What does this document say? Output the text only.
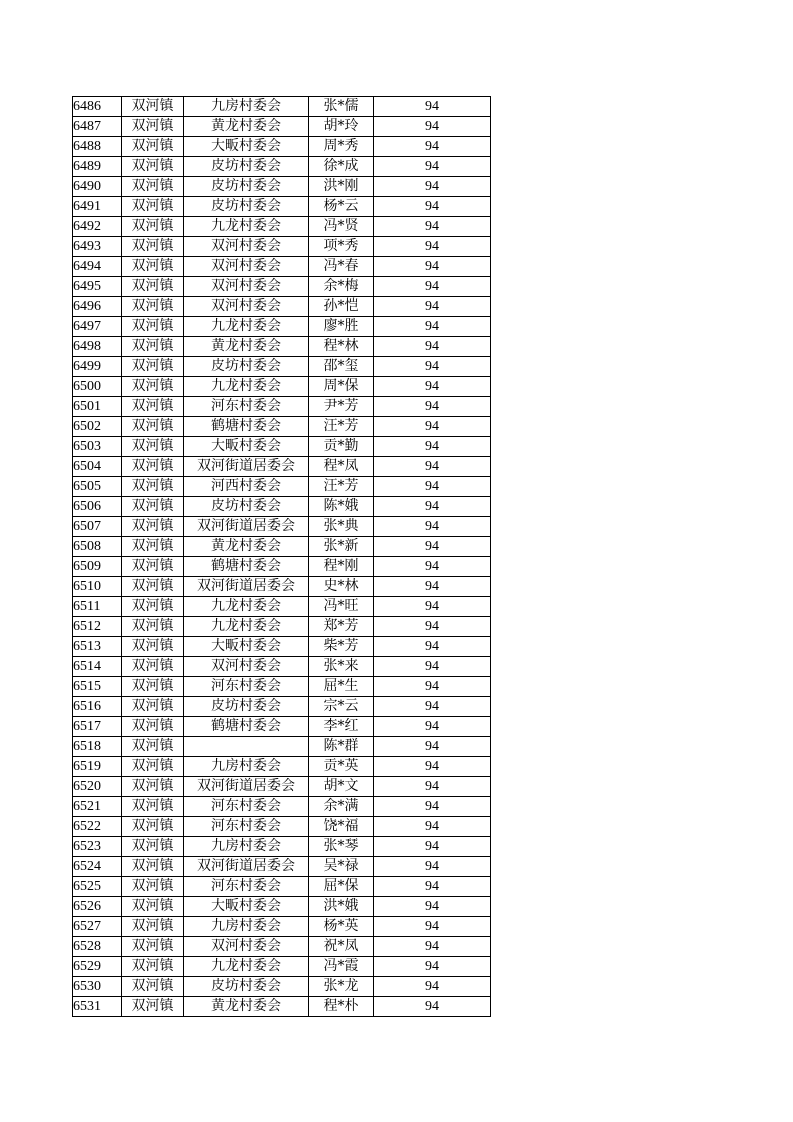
6486	双河镇	九房村委会	张*儒	94
6487	双河镇	黄龙村委会	胡*玲	94
6488	双河镇	大畈村委会	周*秀	94
6489	双河镇	皮坊村委会	徐*成	94
6490	双河镇	皮坊村委会	洪*刚	94
6491	双河镇	皮坊村委会	杨*云	94
6492	双河镇	九龙村委会	冯*贤	94
6493	双河镇	双河村委会	项*秀	94
6494	双河镇	双河村委会	冯*春	94
6495	双河镇	双河村委会	余*梅	94
6496	双河镇	双河村委会	孙*恺	94
6497	双河镇	九龙村委会	廖*胜	94
6498	双河镇	黄龙村委会	程*林	94
6499	双河镇	皮坊村委会	邵*玺	94
6500	双河镇	九龙村委会	周*保	94
6501	双河镇	河东村委会	尹*芳	94
6502	双河镇	鹤塘村委会	汪*芳	94
6503	双河镇	大畈村委会	贡*勤	94
6504	双河镇	双河街道居委会	程*凤	94
6505	双河镇	河西村委会	汪*芳	94
6506	双河镇	皮坊村委会	陈*娥	94
6507	双河镇	双河街道居委会	张*典	94
6508	双河镇	黄龙村委会	张*新	94
6509	双河镇	鹤塘村委会	程*刚	94
6510	双河镇	双河街道居委会	史*林	94
6511	双河镇	九龙村委会	冯*旺	94
6512	双河镇	九龙村委会	郑*芳	94
6513	双河镇	大畈村委会	柴*芳	94
6514	双河镇	双河村委会	张*来	94
6515	双河镇	河东村委会	屈*生	94
6516	双河镇	皮坊村委会	宗*云	94
6517	双河镇	鹤塘村委会	李*红	94
6518	双河镇		陈*群	94
6519	双河镇	九房村委会	贡*英	94
6520	双河镇	双河街道居委会	胡*文	94
6521	双河镇	河东村委会	余*满	94
6522	双河镇	河东村委会	饶*福	94
6523	双河镇	九房村委会	张*琴	94
6524	双河镇	双河街道居委会	吴*禄	94
6525	双河镇	河东村委会	屈*保	94
6526	双河镇	大畈村委会	洪*娥	94
6527	双河镇	九房村委会	杨*英	94
6528	双河镇	双河村委会	祝*凤	94
6529	双河镇	九龙村委会	冯*霞	94
6530	双河镇	皮坊村委会	张*龙	94
6531	双河镇	黄龙村委会	程*朴	94
